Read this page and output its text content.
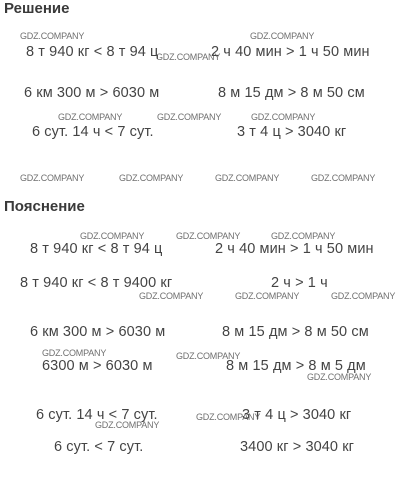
Решение
8 т 940 кг < 8 т 94 ц	2 ч 40 мин > 1 ч 50 мин
6 км 300 м > 6030 м	8 м 15 дм > 8 м 50 см
6 сут. 14 ч < 7 сут.	3 т 4 ц > 3040 кг
Пояснение
8 т 940 кг < 8 т 94 ц	2 ч 40 мин > 1 ч 50 мин
8 т 940 кг < 8 т 9400 кг	2 ч > 1 ч
6 км 300 м > 6030 м	8 м 15 дм > 8 м 50 см
6300 м > 6030 м	8 м 15 дм > 8 м 5 дм
6 сут. 14 ч < 7 сут.	3 т 4 ц > 3040 кг
6 сут. < 7 сут.	3400 кг > 3040 кг
GDZ.COMPANY
GDZ.COMPANY
GDZ.COMPANY
GDZ.COMPANY	GDZ.COMPANY	GDZ.COMPANY
GDZ.COMPANY	GDZ.COMPANY	GDZ.COMPANY	GDZ.COMPANY
GDZ.COMPANY	GDZ.COMPANY	GDZ.COMPANY
GDZ.COMPANY	GDZ.COMPANY	GDZ.COMPANY
GDZ.COMPANY	GDZ.COMPANY
GDZ.COMPANY
GDZ.COMPANY
GDZ.COMPANY
